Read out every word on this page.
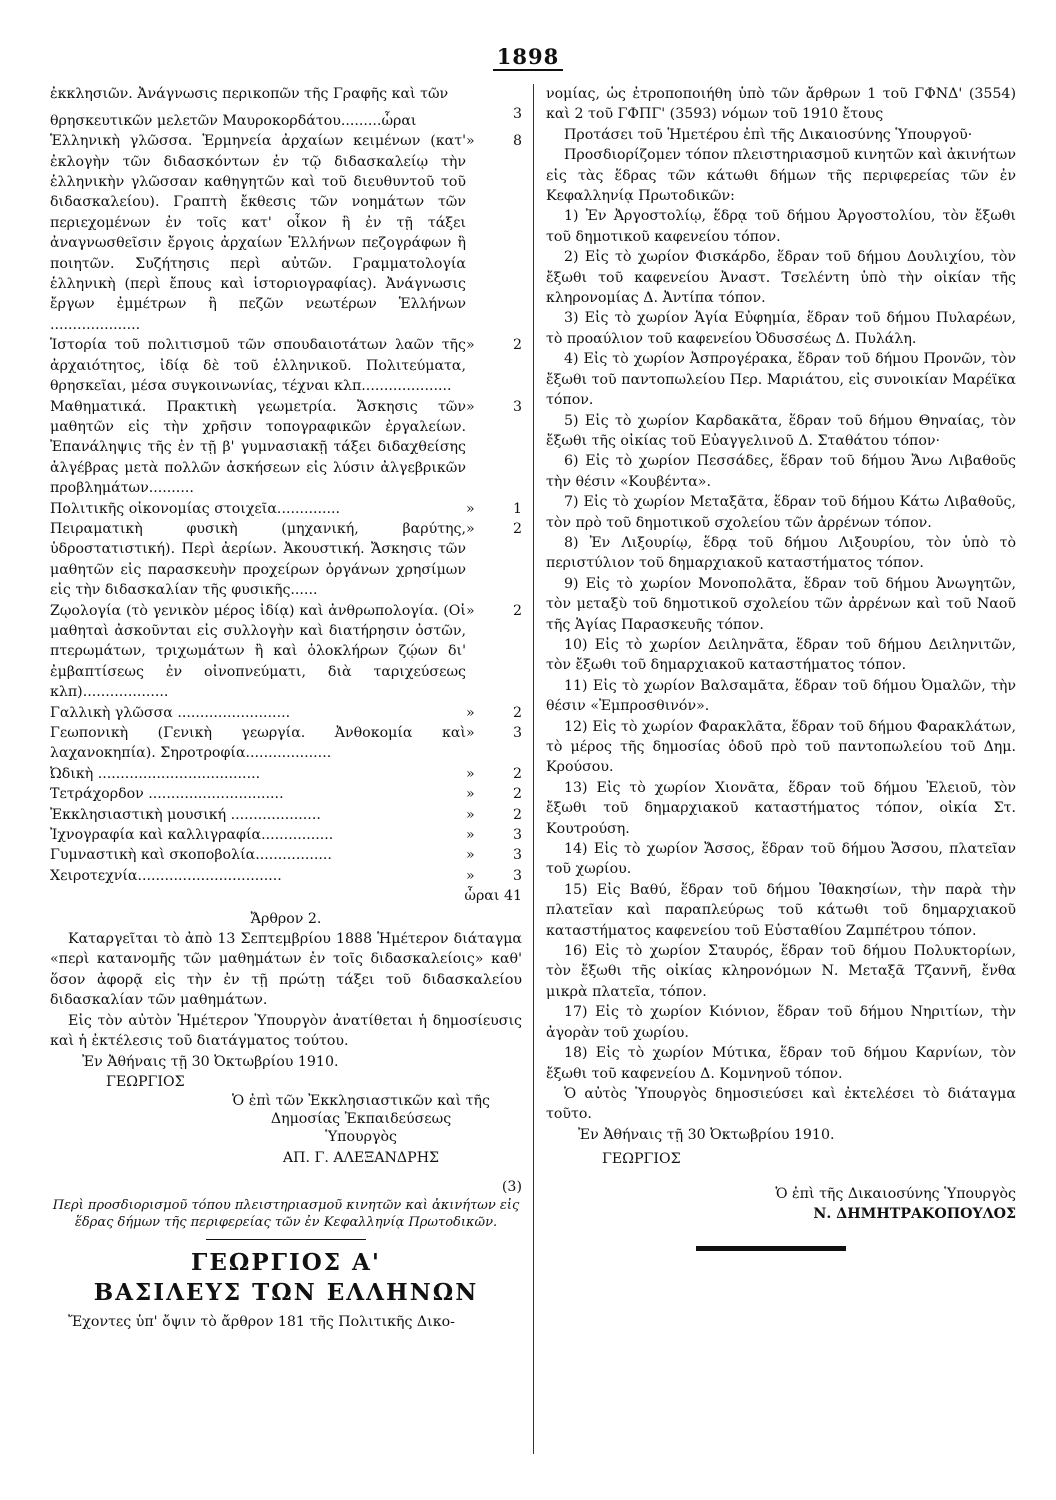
1898
ἐκκλησιῶν. Ἀνάγνωσις περικοπῶν τῆς Γραφῆς καὶ τῶν
θρησκευτικῶν μελετῶν Μαυροκορδάτου.........ὧραι	3
Ἑλληνικὴ γλῶσσα. Ἑρμηνεία ἀρχαίων κειμένων (κατ' ἐκλογὴν τῶν διδασκόντων ἐν τῷ διδασκαλείῳ τὴν ἑλληνικὴν γλῶσσαν καθηγητῶν καὶ τοῦ διευθυντοῦ τοῦ διδασκαλείου). Γραπτὴ ἔκθεσις τῶν νοημάτων τῶν περιεχομένων ἐν τοῖς κατ' οἶκον ἢ ἐν τῇ τάξει ἀναγνωσθεῖσιν ἔργοις ἀρχαίων Ἑλλήνων πεζογράφων ἢ ποιητῶν. Συζήτησις περὶ αὐτῶν. Γραμματολογία ἑλληνικὴ (περὶ ἔπους καὶ ἱστοριογραφίας). Ἀνάγνωσις ἔργων ἐμμέτρων ἢ πεζῶν νεωτέρων Ἑλλήνων ....................
»	8
Ἱστορία τοῦ πολιτισμοῦ τῶν σπουδαιοτάτων λαῶν τῆς ἀρχαιότητος, ἰδίᾳ δὲ τοῦ ἑλληνικοῦ. Πολιτεύματα, θρησκεῖαι, μέσα συγκοινωνίας, τέχναι κλπ....................
»	2
Μαθηματικά. Πρακτικὴ γεωμετρία. Ἄσκησις τῶν μαθητῶν εἰς τὴν χρῆσιν τοπογραφικῶν ἐργαλείων. Ἐπανάληψις τῆς ἐν τῇ β' γυμνασιακῇ τάξει διδαχθείσης ἀλγέβρας μετὰ πολλῶν ἀσκήσεων εἰς λύσιν ἀλγεβρικῶν προβλημάτων..........
»	3
Πολιτικῆς οἰκονομίας στοιχεῖα..............	»	1
Πειραματικὴ φυσικὴ (μηχανική, βαρύτης, ὑδροστατιστική). Περὶ ἀερίων. Ἀκουστική. Ἄσκησις τῶν μαθητῶν εἰς παρασκευὴν προχείρων ὀργάνων χρησίμων εἰς τὴν διδασκαλίαν τῆς φυσικῆς......
»	2
Ζῳολογία (τὸ γενικὸν μέρος ἰδίᾳ) καὶ ἀνθρωπολογία. (Οἱ μαθηταὶ ἀσκοῦνται εἰς συλλογὴν καὶ διατήρησιν ὀστῶν, πτερωμάτων, τριχωμάτων ἢ καὶ ὁλοκλήρων ζῴων δι' ἐμβαπτίσεως ἐν οἰνοπνεύματι, διὰ ταριχεύσεως κλπ)...................
»	2
Γαλλικὴ γλῶσσα .........................	»	2
Γεωπονικὴ (Γενικὴ γεωργία. Ἀνθοκομία καὶ λαχανοκηπία). Σηροτροφία...................
»	3
Ὠδικὴ ....................................	»	2
Τετράχορδον ..............................	»	2
Ἐκκλησιαστικὴ μουσική ....................	»	2
Ἰχνογραφία καὶ καλλιγραφία................	»	3
Γυμναστικὴ καὶ σκοποβολία.................	»	3
Χειροτεχνία................................	»	3
ὧραι 41
Ἄρθρον 2.
Καταργεῖται τὸ ἀπὸ 13 Σεπτεμβρίου 1888 Ἡμέτερον διάταγμα «περὶ κατανομῆς τῶν μαθημάτων ἐν τοῖς διδασκαλείοις» καθ' ὅσον ἀφορᾷ εἰς τὴν ἐν τῇ πρώτῃ τάξει τοῦ διδασκαλείου διδασκαλίαν τῶν μαθημάτων.
Εἰς τὸν αὐτὸν Ἡμέτερον Ὑπουργὸν ἀνατίθεται ἡ δημοσίευσις καὶ ἡ ἐκτέλεσις τοῦ διατάγματος τούτου.
Ἐν Ἀθήναις τῇ 30 Ὀκτωβρίου 1910.
ΓΕΩΡΓΙΟΣ
Ὁ ἐπὶ τῶν Ἐκκλησιαστικῶν καὶ τῆς
Δημοσίας Ἐκπαιδεύσεως
Ὑπουργὸς
ΑΠ. Γ. ΑΛΕΞΑΝΔΡΗΣ
(3)
Περὶ προσδιορισμοῦ τόπου πλειστηριασμοῦ κινητῶν καὶ ἀκινήτων εἰς ἕδρας δήμων τῆς περιφερείας τῶν ἐν Κεφαλληνίᾳ Πρωτοδικῶν.
ΓΕΩΡΓΙΟΣ Α'
ΒΑΣΙΛΕΥΣ ΤΩΝ ΕΛΛΗΝΩΝ
Ἔχοντες ὑπ' ὄψιν τὸ ἄρθρον 181 τῆς Πολιτικῆς Δικο-
νομίας, ὡς ἐτροποποιήθη ὑπὸ τῶν ἄρθρων 1 τοῦ ΓΦΝΔ' (3554) καὶ 2 τοῦ ΓΦΠΓ' (3593) νόμων τοῦ 1910 ἔτους
Προτάσει τοῦ Ἡμετέρου ἐπὶ τῆς Δικαιοσύνης Ὑπουργοῦ·
Προσδιορίζομεν τόπον πλειστηριασμοῦ κινητῶν καὶ ἀκινήτων εἰς τὰς ἕδρας τῶν κάτωθι δήμων τῆς περιφερείας τῶν ἐν Κεφαλληνίᾳ Πρωτοδικῶν:
1) Ἐν Ἀργοστολίῳ, ἕδρᾳ τοῦ δήμου Ἀργοστολίου, τὸν ἔξωθι τοῦ δημοτικοῦ καφενείου τόπον.
2) Εἰς τὸ χωρίον Φισκάρδο, ἕδραν τοῦ δήμου Δουλιχίου, τὸν ἔξωθι τοῦ καφενείου Ἀναστ. Τσελέντη ὑπὸ τὴν οἰκίαν τῆς κληρονομίας Δ. Ἀντίπα τόπον.
3) Εἰς τὸ χωρίον Ἁγία Εὐφημία, ἕδραν τοῦ δήμου Πυλαρέων, τὸ προαύλιον τοῦ καφενείου Ὀδυσσέως Δ. Πυλάλη.
4) Εἰς τὸ χωρίον Ἀσπρογέρακα, ἕδραν τοῦ δήμου Προνῶν, τὸν ἔξωθι τοῦ παντοπωλείου Περ. Μαριάτου, εἰς συνοικίαν Μαρέϊκα τόπον.
5) Εἰς τὸ χωρίον Καρδακᾶτα, ἕδραν τοῦ δήμου Θηναίας, τὸν ἔξωθι τῆς οἰκίας τοῦ Εὐαγγελινοῦ Δ. Σταθάτου τόπον·
6) Εἰς τὸ χωρίον Πεσσάδες, ἕδραν τοῦ δήμου Ἄνω Λιβαθοῦς τὴν θέσιν «Κουβέντα».
7) Εἰς τὸ χωρίον Μεταξᾶτα, ἕδραν τοῦ δήμου Κάτω Λιβαθοῦς, τὸν πρὸ τοῦ δημοτικοῦ σχολείου τῶν ἀρρένων τόπον.
8) Ἐν Λιξουρίῳ, ἕδρᾳ τοῦ δήμου Λιξουρίου, τὸν ὑπὸ τὸ περιστύλιον τοῦ δημαρχιακοῦ καταστήματος τόπον.
9) Εἰς τὸ χωρίον Μονοπολᾶτα, ἕδραν τοῦ δήμου Ἀνωγητῶν, τὸν μεταξὺ τοῦ δημοτικοῦ σχολείου τῶν ἀρρένων καὶ τοῦ Ναοῦ τῆς Ἁγίας Παρασκευῆς τόπον.
10) Εἰς τὸ χωρίον Δειληνᾶτα, ἕδραν τοῦ δήμου Δειληνιτῶν, τὸν ἔξωθι τοῦ δημαρχιακοῦ καταστήματος τόπον.
11) Εἰς τὸ χωρίον Βαλσαμᾶτα, ἕδραν τοῦ δήμου Ὀμαλῶν, τὴν θέσιν «Ἐμπροσθινόν».
12) Εἰς τὸ χωρίον Φαρακλᾶτα, ἕδραν τοῦ δήμου Φαρακλάτων, τὸ μέρος τῆς δημοσίας ὁδοῦ πρὸ τοῦ παντοπωλείου τοῦ Δημ. Κρούσου.
13) Εἰς τὸ χωρίον Χιονᾶτα, ἕδραν τοῦ δήμου Ἐλειοῦ, τὸν ἔξωθι τοῦ δημαρχιακοῦ καταστήματος τόπον, οἰκία Στ. Κουτρούση.
14) Εἰς τὸ χωρίον Ἄσσος, ἕδραν τοῦ δήμου Ἄσσου, πλατεῖαν τοῦ χωρίου.
15) Εἰς Βαθύ, ἕδραν τοῦ δήμου Ἰθακησίων, τὴν παρὰ τὴν πλατεῖαν καὶ παραπλεύρως τοῦ κάτωθι τοῦ δημαρχιακοῦ καταστήματος καφενείου τοῦ Εὐσταθίου Ζαμπέτρου τόπον.
16) Εἰς τὸ χωρίον Σταυρός, ἕδραν τοῦ δήμου Πολυκτορίων, τὸν ἔξωθι τῆς οἰκίας κληρονόμων Ν. Μεταξᾶ Τζαννῆ, ἔνθα μικρὰ πλατεῖα, τόπον.
17) Εἰς τὸ χωρίον Κιόνιον, ἕδραν τοῦ δήμου Νηριτίων, τὴν ἀγορὰν τοῦ χωρίου.
18) Εἰς τὸ χωρίον Μύτικα, ἕδραν τοῦ δήμου Καρνίων, τὸν ἔξωθι τοῦ καφενείου Δ. Κομνηνοῦ τόπον.
Ὁ αὐτὸς Ὑπουργὸς δημοσιεύσει καὶ ἐκτελέσει τὸ διάταγμα τοῦτο.
Ἐν Ἀθήναις τῇ 30 Ὀκτωβρίου 1910.
ΓΕΩΡΓΙΟΣ
Ὁ ἐπὶ τῆς Δικαιοσύνης Ὑπουργὸς
Ν. ΔΗΜΗΤΡΑΚΟΠΟΥΛΟΣ
